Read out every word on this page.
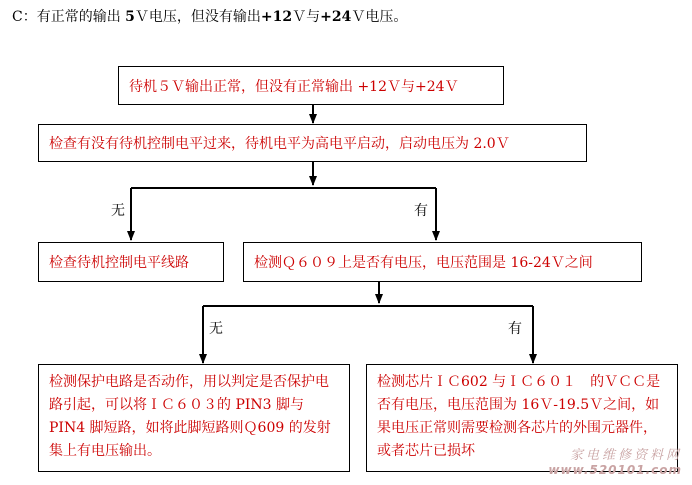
C：有正常的输出 5Ｖ电压，但没有输出+12Ｖ与+24Ｖ电压。
待机５Ｖ输出正常，但没有正常输出 +12Ｖ与+24Ｖ
检查有没有待机控制电平过来，待机电平为高电平启动，启动电压为 2.0Ｖ
无	有
检查待机控制电平线路	检测Ｑ６０９上是否有电压，电压范围是 16-24Ｖ之间
无	有
检测保护电路是否动作，用以判定是否保护电路引起，可以将ＩＣ６０３的 PIN3 脚与 PIN4 脚短路，如将此脚短路则Ｑ609 的发射集上有电压输出。
检测芯片ＩＣ602 与ＩＣ６０１　的ＶＣＣ是否有电压，电压范围为 16Ｖ-19.5Ｖ之间，如果电压正常则需要检测各芯片的外围元器件，或者芯片已损坏	家电维修资料网
www.520101.com
